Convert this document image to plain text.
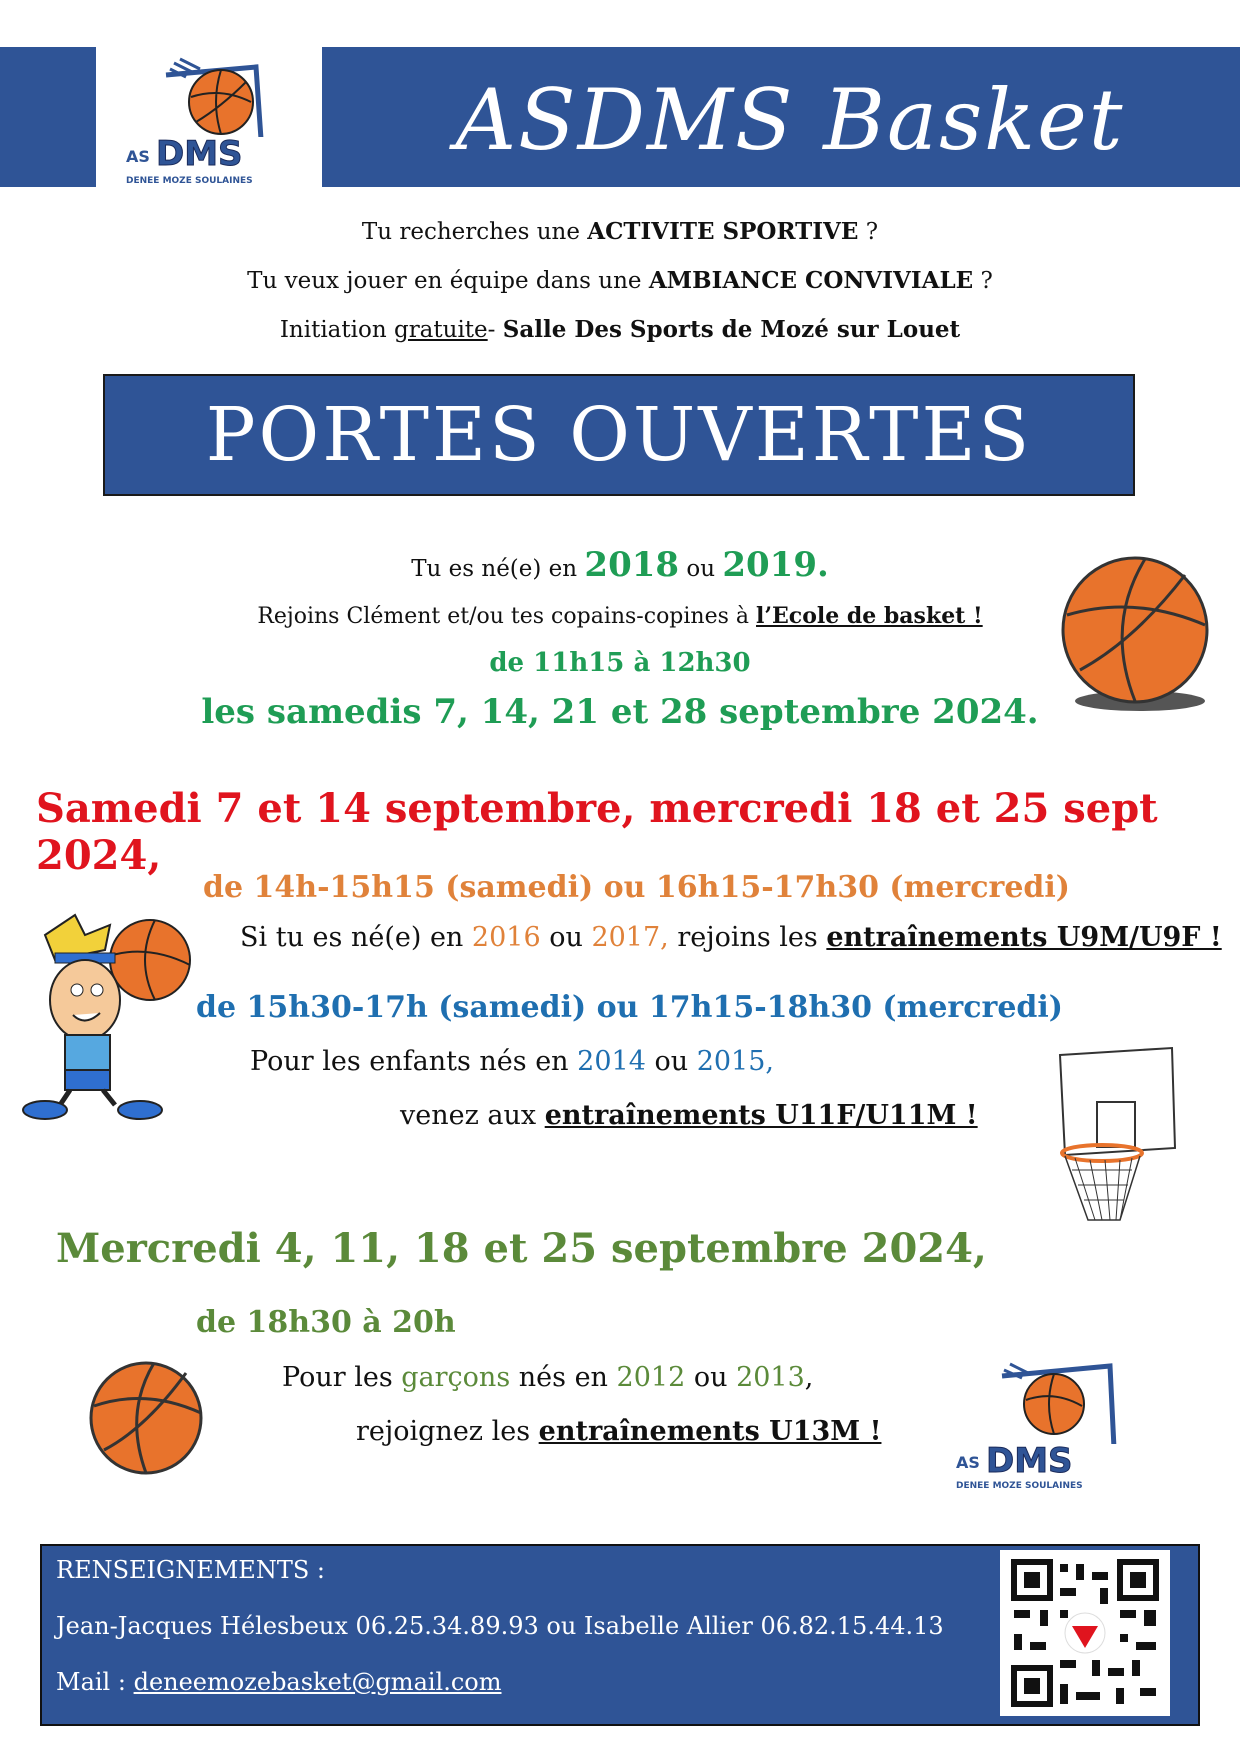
AS DMS
DENEE MOZE SOULAINES
ASDMS Basket
Tu recherches une ACTIVITE SPORTIVE ?
Tu veux jouer en équipe dans une AMBIANCE CONVIVIALE ?
Initiation gratuite- Salle Des Sports de Mozé sur Louet
PORTES OUVERTES
Tu es né(e) en 2018 ou 2019.
Rejoins Clément et/ou tes copains-copines à l’Ecole de basket !
de 11h15 à 12h30
les samedis 7, 14, 21 et 28 septembre 2024.
Samedi 7 et 14 septembre, mercredi 18 et 25 sept 2024,
de 14h-15h15 (samedi) ou 16h15-17h30 (mercredi)
Si tu es né(e) en 2016 ou 2017, rejoins les entraînements U9M/U9F !
de 15h30-17h (samedi) ou 17h15-18h30 (mercredi)
Pour les enfants nés en 2014 ou 2015,
venez aux entraînements U11F/U11M !
Mercredi 4, 11, 18 et 25 septembre 2024,
de 18h30 à 20h
Pour les garçons nés en 2012 ou 2013,
rejoignez les entraînements U13M !
AS DMS
DENEE MOZE SOULAINES
RENSEIGNEMENTS :
Jean-Jacques Hélesbeux 06.25.34.89.93 ou Isabelle Allier 06.82.15.44.13
Mail : deneemozebasket@gmail.com
